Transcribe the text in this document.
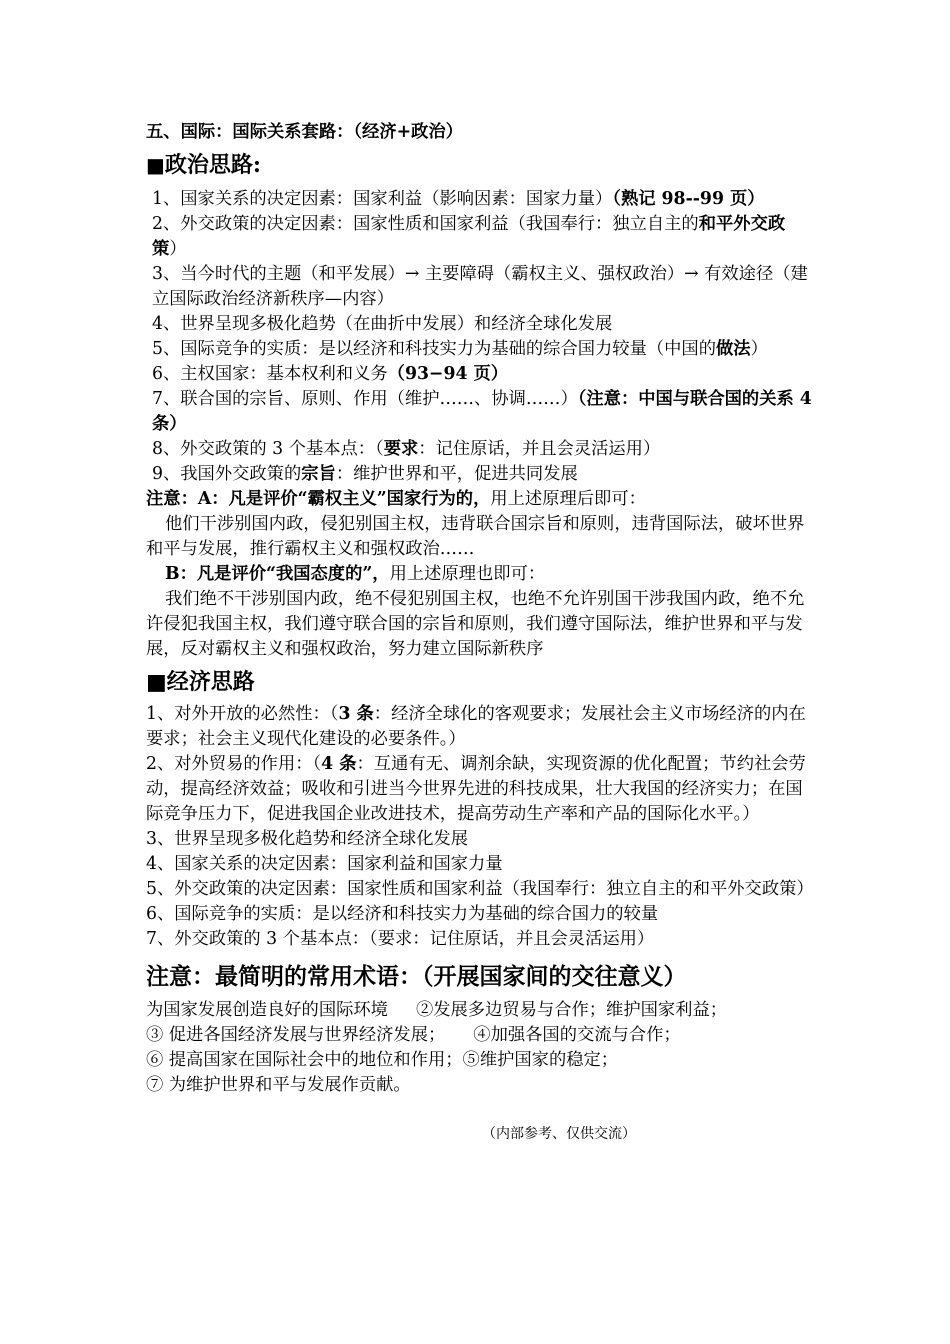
五、国际：国际关系套路：（经济+政治）

■政治思路:

1、国家关系的决定因素：国家利益（影响因素：国家力量）（熟记 98--99 页）

2、外交政策的决定因素：国家性质和国家利益（我国奉行：独立自主的和平外交政策）

3、当今时代的主题（和平发展）→ 主要障碍（霸权主义、强权政治）→ 有效途径（建立国际政治经济新秩序—内容）

4、世界呈现多极化趋势（在曲折中发展）和经济全球化发展

5、国际竞争的实质：是以经济和科技实力为基础的综合国力较量（中国的做法）

6、主权国家：基本权利和义务（93−94 页）

7、联合国的宗旨、原则、作用（维护……、协调……）（注意：中国与联合国的关系 4 条）

8、外交政策的 3 个基本点：（要求：记住原话，并且会灵活运用）

9、我国外交政策的宗旨：维护世界和平，促进共同发展

注意：A：凡是评价“霸权主义”国家行为的，用上述原理后即可：

他们干涉别国内政，侵犯别国主权，违背联合国宗旨和原则，违背国际法，破坏世界和平与发展，推行霸权主义和强权政治……

B：凡是评价“我国态度的”，用上述原理也即可：

我们绝不干涉别国内政，绝不侵犯别国主权，也绝不允许别国干涉我国内政，绝不允许侵犯我国主权，我们遵守联合国的宗旨和原则，我们遵守国际法，维护世界和平与发展，反对霸权主义和强权政治，努力建立国际新秩序

■经济思路

1、对外开放的必然性：（3 条：经济全球化的客观要求；发展社会主义市场经济的内在要求；社会主义现代化建设的必要条件。）

2、对外贸易的作用：（4 条：互通有无、调剂余缺，实现资源的优化配置；节约社会劳动，提高经济效益；吸收和引进当今世界先进的科技成果，壮大我国的经济实力；在国际竞争压力下，促进我国企业改进技术，提高劳动生产率和产品的国际化水平。）

3、世界呈现多极化趋势和经济全球化发展

4、国家关系的决定因素：国家利益和国家力量

5、外交政策的决定因素：国家性质和国家利益（我国奉行：独立自主的和平外交政策）

6、国际竞争的实质：是以经济和科技实力为基础的综合国力的较量

7、外交政策的 3 个基本点：（要求：记住原话，并且会灵活运用）

注意：最简明的常用术语：（开展国家间的交往意义）

为国家发展创造良好的国际环境 ②发展多边贸易与合作；维护国家利益；

③ 促进各国经济发展与世界经济发展； ④加强各国的交流与合作；

⑥ 提高国家在国际社会中的地位和作用；⑤维护国家的稳定；

⑦ 为维护世界和平与发展作贡献。

（内部参考、仅供交流）
